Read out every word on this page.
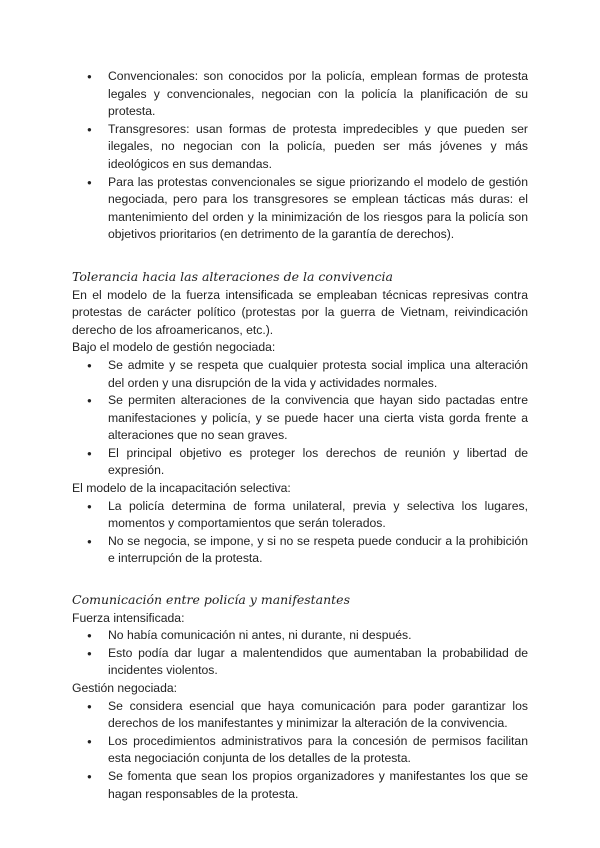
● Convencionales: son conocidos por la policía, emplean formas de protesta legales y convencionales, negocian con la policía la planificación de su protesta.
● Transgresores: usan formas de protesta impredecibles y que pueden ser ilegales, no negocian con la policía, pueden ser más jóvenes y más ideológicos en sus demandas.
● Para las protestas convencionales se sigue priorizando el modelo de gestión negociada, pero para los transgresores se emplean tácticas más duras: el mantenimiento del orden y la minimización de los riesgos para la policía son objetivos prioritarios (en detrimento de la garantía de derechos).

Tolerancia hacia las alteraciones de la convivencia

En el modelo de la fuerza intensificada se empleaban técnicas represivas contra protestas de carácter político (protestas por la guerra de Vietnam, reivindicación derecho de los afroamericanos, etc.).

Bajo el modelo de gestión negociada:

● Se admite y se respeta que cualquier protesta social implica una alteración del orden y una disrupción de la vida y actividades normales.
● Se permiten alteraciones de la convivencia que hayan sido pactadas entre manifestaciones y policía, y se puede hacer una cierta vista gorda frente a alteraciones que no sean graves.
● El principal objetivo es proteger los derechos de reunión y libertad de expresión.

El modelo de la incapacitación selectiva:

● La policía determina de forma unilateral, previa y selectiva los lugares, momentos y comportamientos que serán tolerados.
● No se negocia, se impone, y si no se respeta puede conducir a la prohibición e interrupción de la protesta.

Comunicación entre policía y manifestantes

Fuerza intensificada:

● No había comunicación ni antes, ni durante, ni después.
● Esto podía dar lugar a malentendidos que aumentaban la probabilidad de incidentes violentos.

Gestión negociada:

● Se considera esencial que haya comunicación para poder garantizar los derechos de los manifestantes y minimizar la alteración de la convivencia.
● Los procedimientos administrativos para la concesión de permisos facilitan esta negociación conjunta de los detalles de la protesta.
● Se fomenta que sean los propios organizadores y manifestantes los que se hagan responsables de la protesta.
